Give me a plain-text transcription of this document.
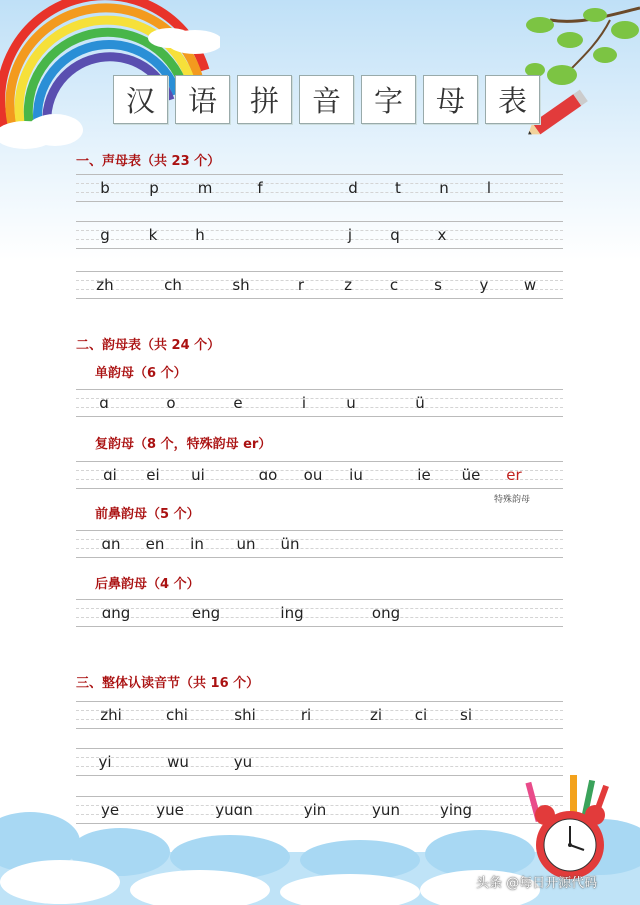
汉	语	拼	音	字	母	表
一、声母表（共 23 个）
b	p	m	f	d t	n	l
g	k	h	j	q	x
zh	ch	sh	r	z	c s	y w
二、韵母表（共 24 个）
单韵母（6 个）
ɑ	o	e	i	u	ü
复韵母（8 个，特殊韵母 er）
ɑi ei ui	ɑo ou iu	ie üe er
特殊韵母
前鼻韵母（5 个）
ɑn en in un ün
后鼻韵母（4 个）
ɑng	eng	ing	ong
三、整体认读音节（共 16 个）
zhi	chi	shi	ri	zi ci si
yi	wu	yu
ye yue yuɑn	yin	yun	ying
头条 @每日开源代码
